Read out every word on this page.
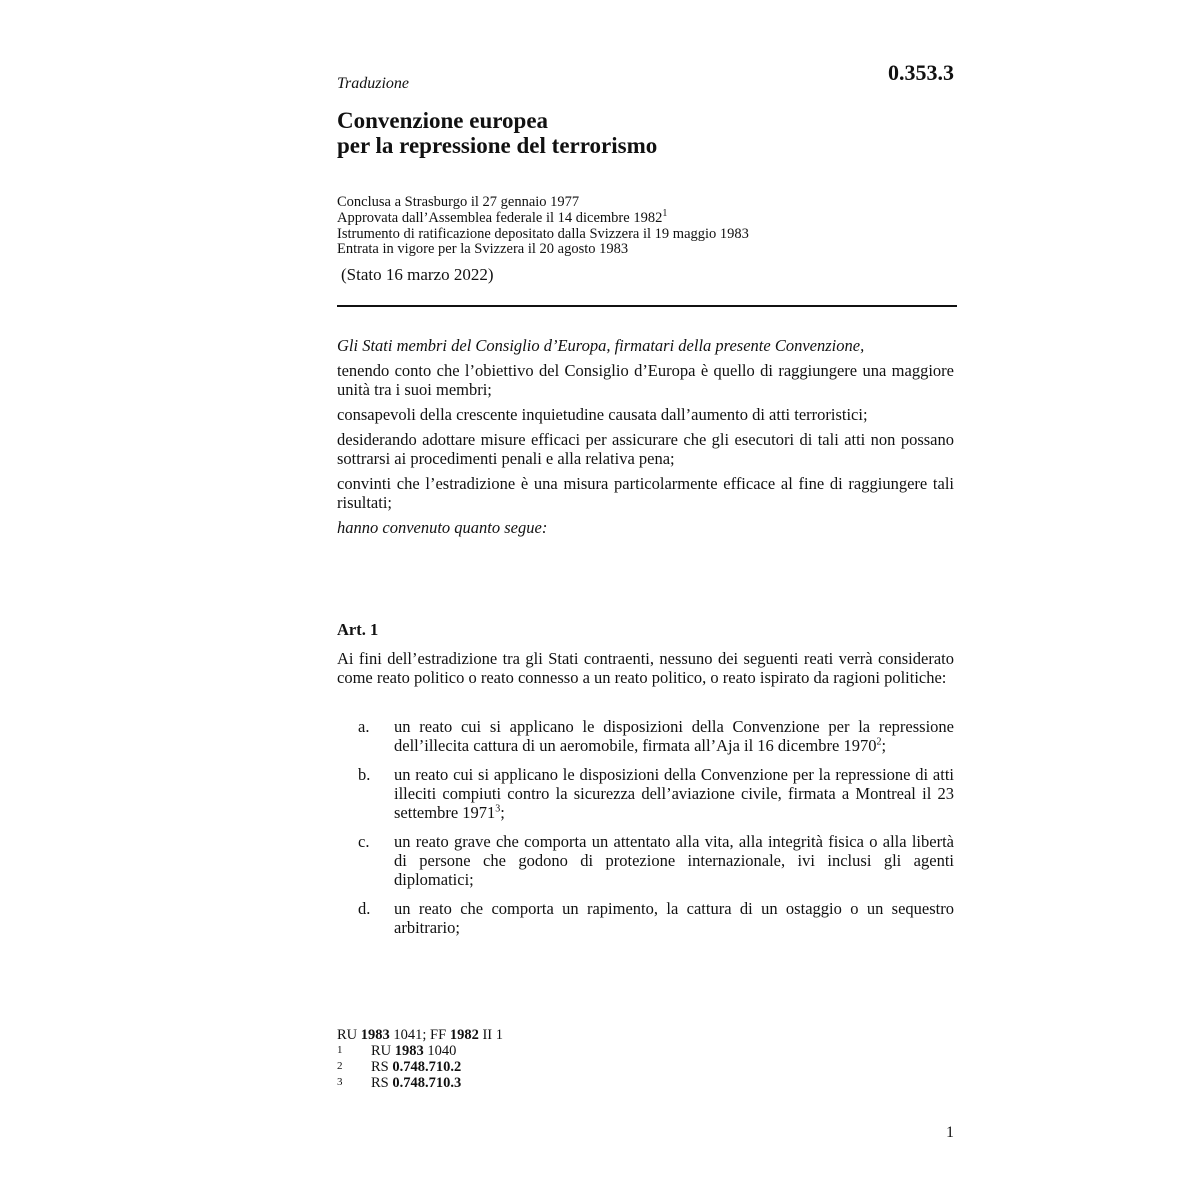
0.353.3
Traduzione
Convenzione europea
per la repressione del terrorismo
Conclusa a Strasburgo il 27 gennaio 1977
Approvata dall’Assemblea federale il 14 dicembre 1982$^1$
Istrumento di ratificazione depositato dalla Svizzera il 19 maggio 1983
Entrata in vigore per la Svizzera il 20 agosto 1983
(Stato 16 marzo 2022)

Gli Stati membri del Consiglio d’Europa, firmatari della presente Convenzione,

tenendo conto che l’obiettivo del Consiglio d’Europa è quello di raggiungere una maggiore unità tra i suoi membri;

consapevoli della crescente inquietudine causata dall’aumento di atti terroristici;

desiderando adottare misure efficaci per assicurare che gli esecutori di tali atti non possano sottrarsi ai procedimenti penali e alla relativa pena;

convinti che l’estradizione è una misura particolarmente efficace al fine di raggiungere tali risultati;

hanno convenuto quanto segue:

Art. 1
Ai fini dell’estradizione tra gli Stati contraenti, nessuno dei seguenti reati verrà considerato come reato politico o reato connesso a un reato politico, o reato ispirato da ragioni politiche:
a.	un reato cui si applicano le disposizioni della Convenzione per la repressione dell’illecita cattura di un aeromobile, firmata all’Aja il 16 dicembre 1970$^2$;
b.	un reato cui si applicano le disposizioni della Convenzione per la repressione di atti illeciti compiuti contro la sicurezza dell’aviazione civile, firmata a Montreal il 23 settembre 1971$^3$;
c.	un reato grave che comporta un attentato alla vita, alla integrità fisica o alla libertà di persone che godono di protezione internazionale, ivi inclusi gli agenti diplomatici;
d.	un reato che comporta un rapimento, la cattura di un ostaggio o un sequestro arbitrario;
RU 1983 1041; FF 1982 II 1
1	RU 1983 1040
2	RS 0.748.710.2
3	RS 0.748.710.3
1
